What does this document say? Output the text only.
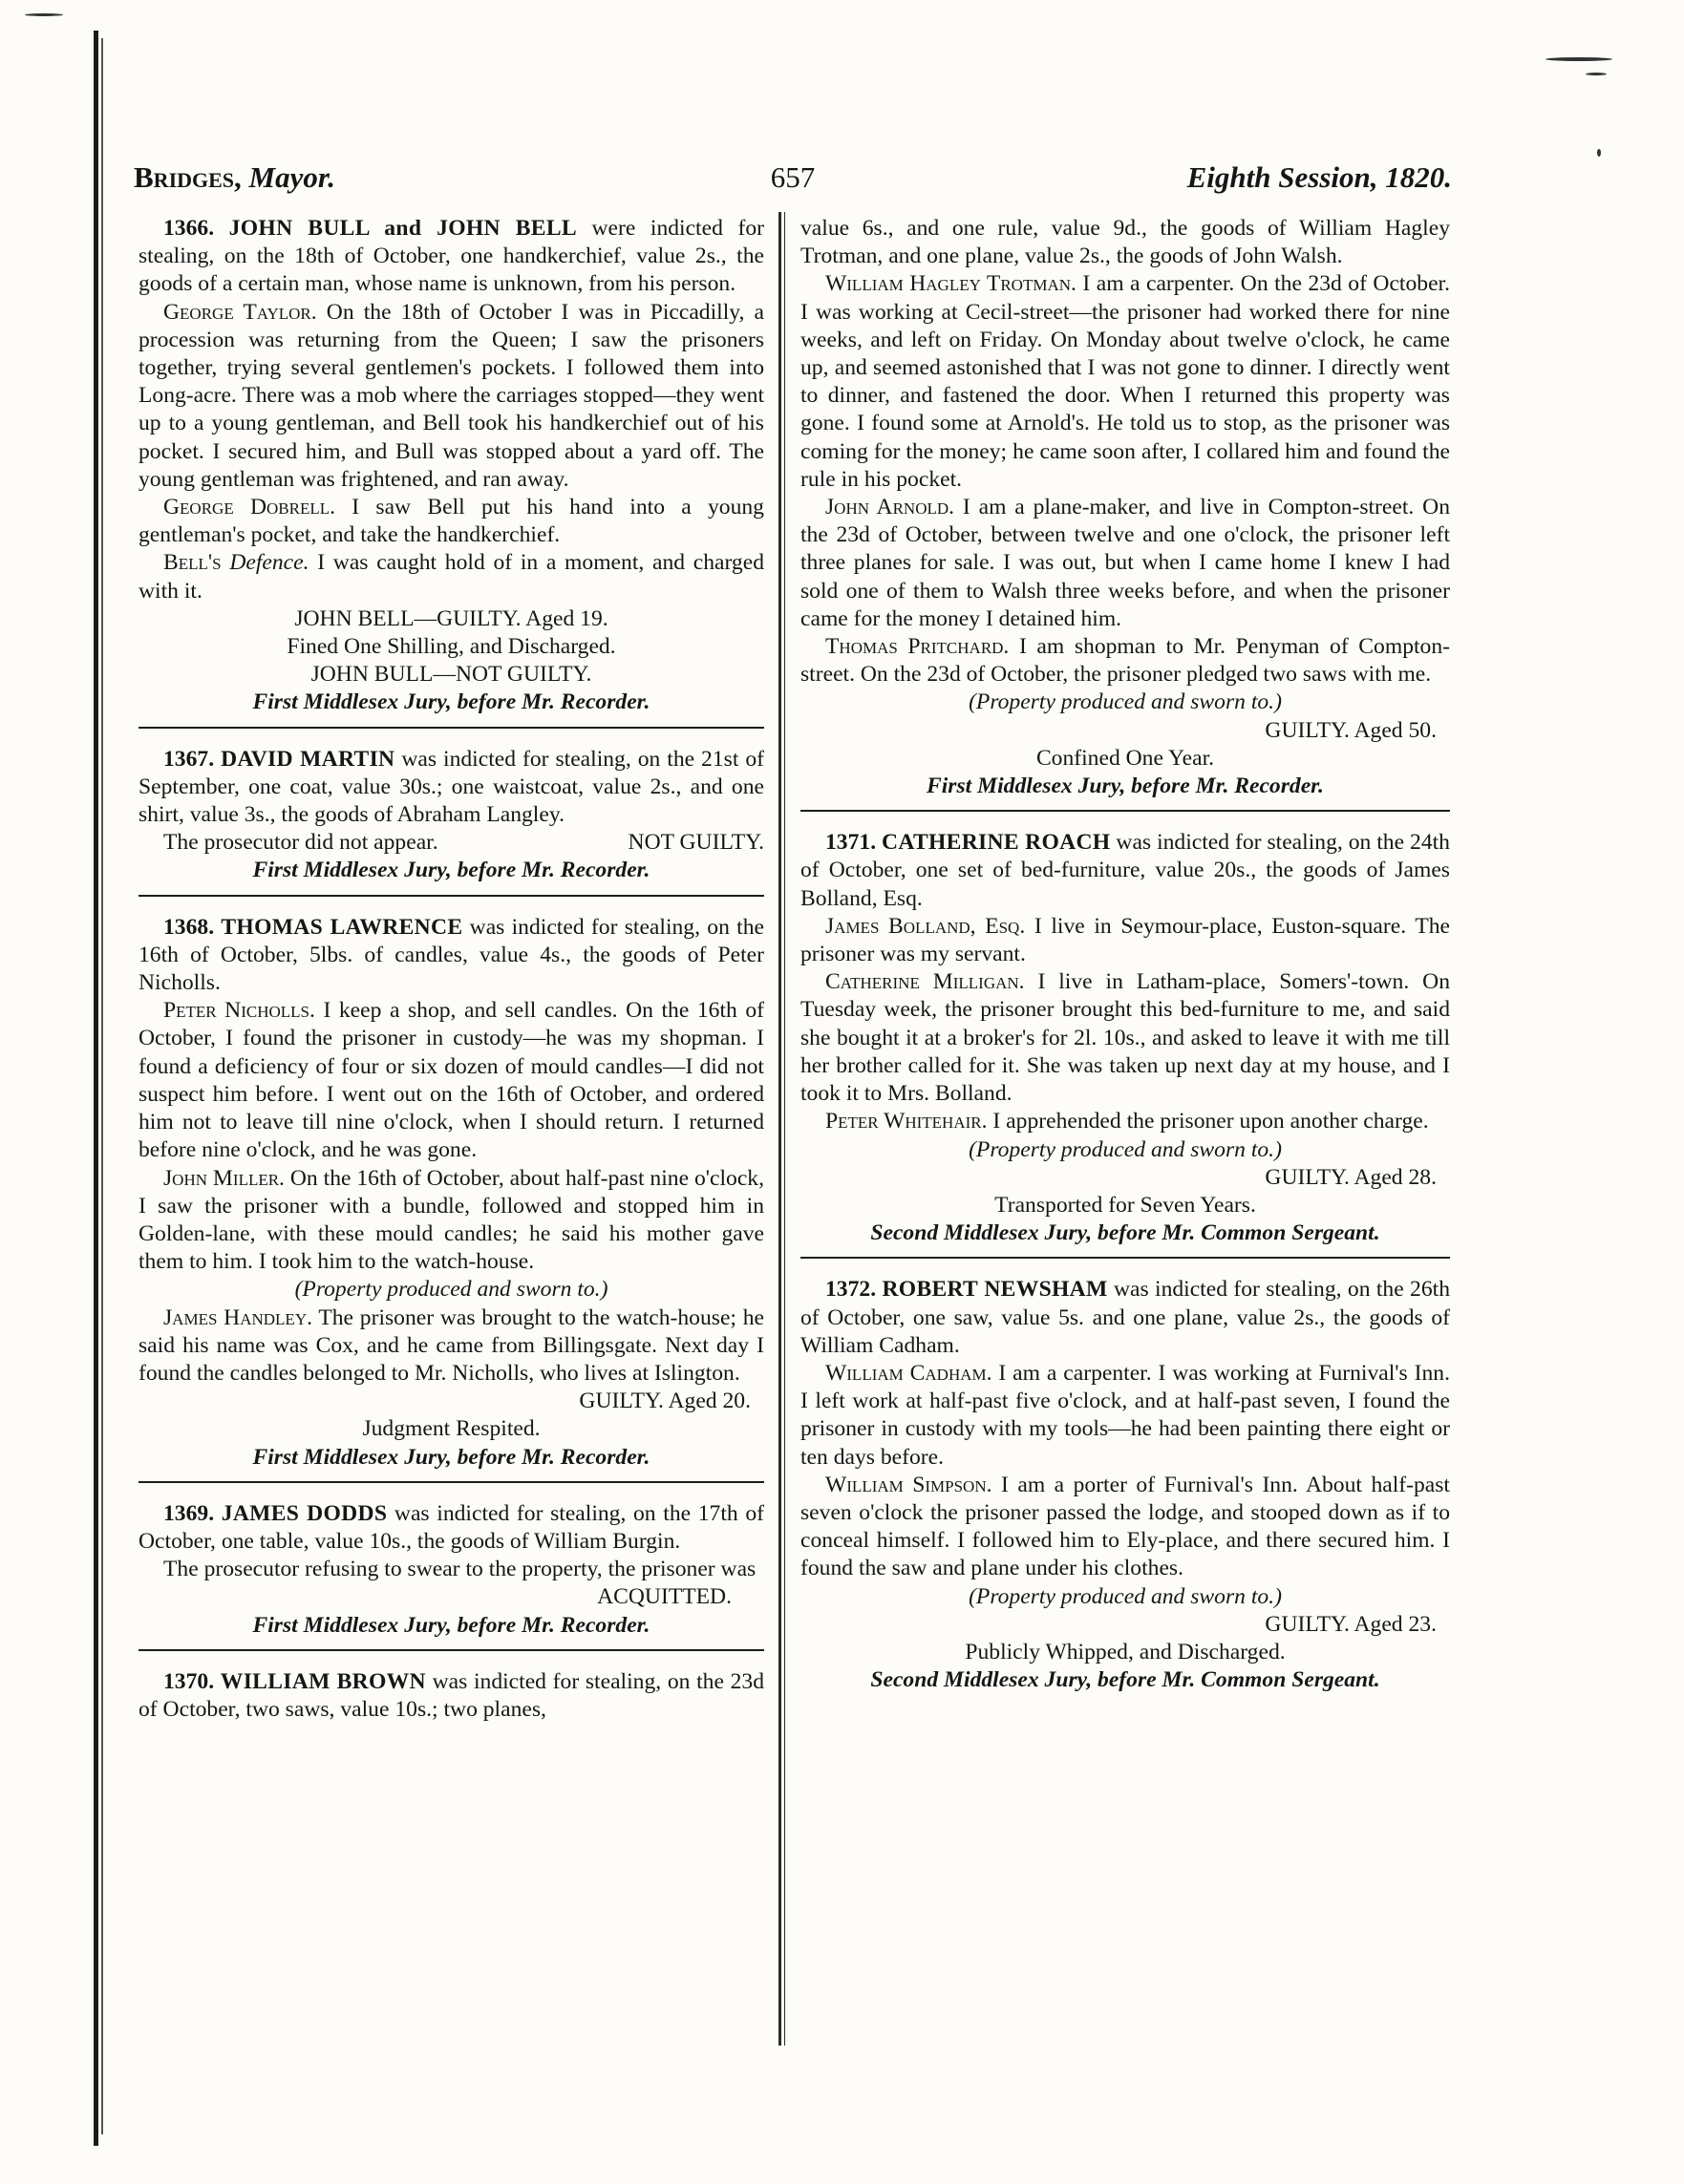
Bridges, Mayor.	657	Eighth Session, 1820.

1366. JOHN BULL and JOHN BELL were indicted for stealing, on the 18th of October, one handkerchief, value 2s., the goods of a certain man, whose name is unknown, from his person.

George Taylor. On the 18th of October I was in Piccadilly, a procession was returning from the Queen; I saw the prisoners together, trying several gentlemen's pockets. I followed them into Long-acre. There was a mob where the carriages stopped—they went up to a young gentleman, and Bell took his handkerchief out of his pocket. I secured him, and Bull was stopped about a yard off. The young gentleman was frightened, and ran away.

George Dobrell. I saw Bell put his hand into a young gentleman's pocket, and take the handkerchief.

Bell's Defence. I was caught hold of in a moment, and charged with it.

JOHN BELL—GUILTY. Aged 19.

Fined One Shilling, and Discharged.

JOHN BULL—NOT GUILTY.

First Middlesex Jury, before Mr. Recorder.

1367. DAVID MARTIN was indicted for stealing, on the 21st of September, one coat, value 30s.; one waistcoat, value 2s., and one shirt, value 3s., the goods of Abraham Langley.

The prosecutor did not appear.	NOT GUILTY.

First Middlesex Jury, before Mr. Recorder.

1368. THOMAS LAWRENCE was indicted for stealing, on the 16th of October, 5lbs. of candles, value 4s., the goods of Peter Nicholls.

Peter Nicholls. I keep a shop, and sell candles. On the 16th of October, I found the prisoner in custody—he was my shopman. I found a deficiency of four or six dozen of mould candles—I did not suspect him before. I went out on the 16th of October, and ordered him not to leave till nine o'clock, when I should return. I returned before nine o'clock, and he was gone.

John Miller. On the 16th of October, about half-past nine o'clock, I saw the prisoner with a bundle, followed and stopped him in Golden-lane, with these mould candles; he said his mother gave them to him. I took him to the watch-house.

(Property produced and sworn to.)

James Handley. The prisoner was brought to the watch-house; he said his name was Cox, and he came from Billingsgate. Next day I found the candles belonged to Mr. Nicholls, who lives at Islington.

GUILTY. Aged 20.

Judgment Respited.

First Middlesex Jury, before Mr. Recorder.

1369. JAMES DODDS was indicted for stealing, on the 17th of October, one table, value 10s., the goods of William Burgin.

The prosecutor refusing to swear to the property, the prisoner was
ACQUITTED.

First Middlesex Jury, before Mr. Recorder.

1370. WILLIAM BROWN was indicted for stealing, on the 23d of October, two saws, value 10s.; two planes,

value 6s., and one rule, value 9d., the goods of William Hagley Trotman, and one plane, value 2s., the goods of John Walsh.

William Hagley Trotman. I am a carpenter. On the 23d of October. I was working at Cecil-street—the prisoner had worked there for nine weeks, and left on Friday. On Monday about twelve o'clock, he came up, and seemed astonished that I was not gone to dinner. I directly went to dinner, and fastened the door. When I returned this property was gone. I found some at Arnold's. He told us to stop, as the prisoner was coming for the money; he came soon after, I collared him and found the rule in his pocket.

John Arnold. I am a plane-maker, and live in Compton-street. On the 23d of October, between twelve and one o'clock, the prisoner left three planes for sale. I was out, but when I came home I knew I had sold one of them to Walsh three weeks before, and when the prisoner came for the money I detained him.

Thomas Pritchard. I am shopman to Mr. Penyman of Compton-street. On the 23d of October, the prisoner pledged two saws with me.

(Property produced and sworn to.)

GUILTY. Aged 50.

Confined One Year.

First Middlesex Jury, before Mr. Recorder.

1371. CATHERINE ROACH was indicted for stealing, on the 24th of October, one set of bed-furniture, value 20s., the goods of James Bolland, Esq.

James Bolland, Esq. I live in Seymour-place, Euston-square. The prisoner was my servant.

Catherine Milligan. I live in Latham-place, Somers'-town. On Tuesday week, the prisoner brought this bed-furniture to me, and said she bought it at a broker's for 2l. 10s., and asked to leave it with me till her brother called for it. She was taken up next day at my house, and I took it to Mrs. Bolland.

Peter Whitehair. I apprehended the prisoner upon another charge.

(Property produced and sworn to.)

GUILTY. Aged 28.

Transported for Seven Years.

Second Middlesex Jury, before Mr. Common Sergeant.

1372. ROBERT NEWSHAM was indicted for stealing, on the 26th of October, one saw, value 5s. and one plane, value 2s., the goods of William Cadham.

William Cadham. I am a carpenter. I was working at Furnival's Inn. I left work at half-past five o'clock, and at half-past seven, I found the prisoner in custody with my tools—he had been painting there eight or ten days before.

William Simpson. I am a porter of Furnival's Inn. About half-past seven o'clock the prisoner passed the lodge, and stooped down as if to conceal himself. I followed him to Ely-place, and there secured him. I found the saw and plane under his clothes.

(Property produced and sworn to.)

GUILTY. Aged 23.

Publicly Whipped, and Discharged.

Second Middlesex Jury, before Mr. Common Sergeant.
